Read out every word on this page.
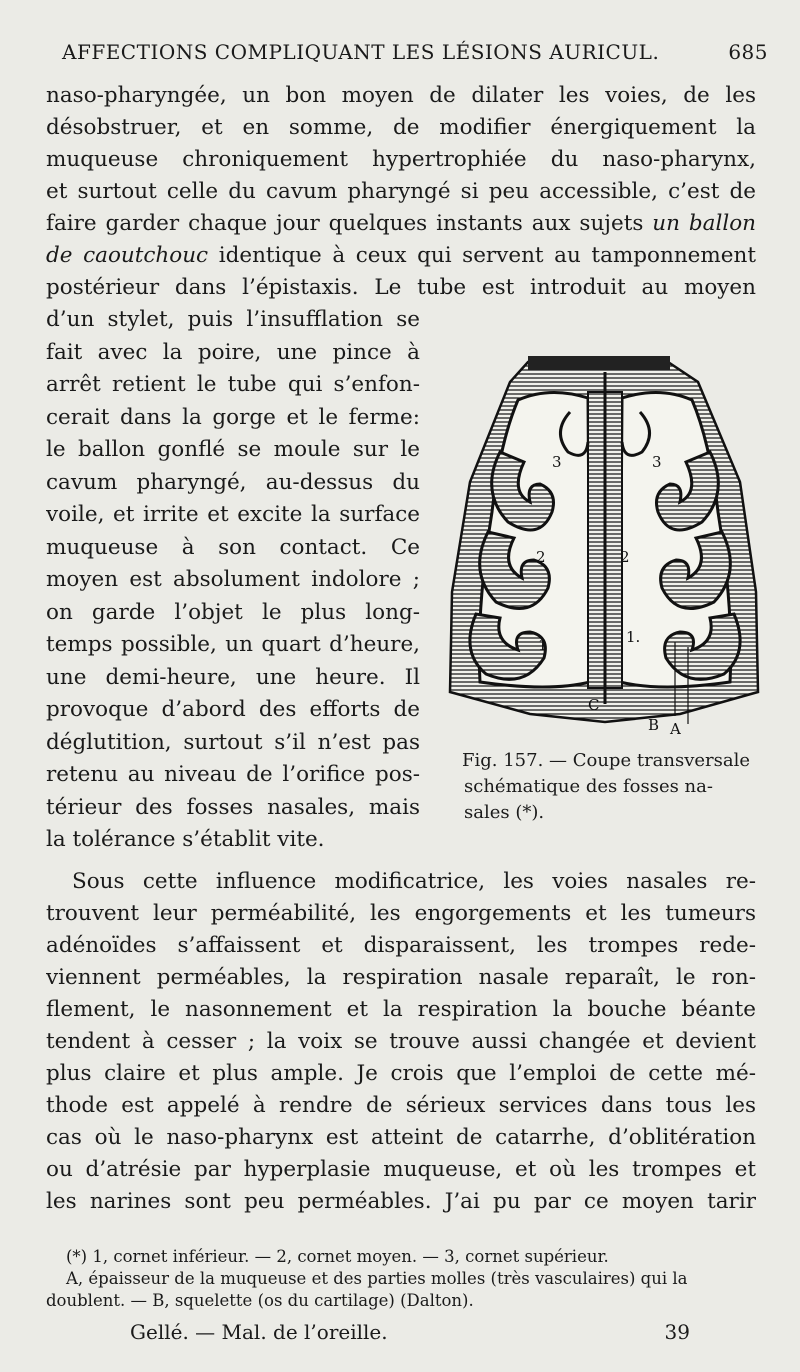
AFFECTIONS COMPLIQUANT LES LÉSIONS AURICUL.	685
naso-pharyngée, un bon moyen de dilater les voies, de les
désobstruer, et en somme, de modifier énergiquement la
muqueuse chroniquement hypertrophiée du naso-pharynx,
et surtout celle du cavum pharyngé si peu accessible, c’est de
faire garder chaque jour quelques instants aux sujets un ballon
de caoutchouc identique à ceux qui servent au tamponnement
postérieur dans l’épistaxis. Le tube est introduit au moyen
d’un stylet, puis l’insufflation se
fait avec la poire, une pince à
arrêt retient le tube qui s’enfon-
cerait dans la gorge et le ferme:
le ballon gonflé se moule sur le
cavum pharyngé, au-dessus du
voile, et irrite et excite la surface
muqueuse à son contact. Ce
moyen est absolument indolore ;
on garde l’objet le plus long-
temps possible, un quart d’heure,
une demi-heure, une heure. Il
provoque d’abord des efforts de
déglutition, surtout s’il n’est pas
retenu au niveau de l’orifice pos-
térieur des fosses nasales, mais
la tolérance s’établit vite.
3	3
2	2
1	1.
C
B A
Fig. 157. — Coupe transversale
schématique des fosses na-
sales (*).
Sous cette influence modificatrice, les voies nasales re-
trouvent leur perméabilité, les engorgements et les tumeurs
adénoïdes s’affaissent et disparaissent, les trompes rede-
viennent perméables, la respiration nasale reparaît, le ron-
flement, le nasonnement et la respiration la bouche béante
tendent à cesser ; la voix se trouve aussi changée et devient
plus claire et plus ample. Je crois que l’emploi de cette mé-
thode est appelé à rendre de sérieux services dans tous les
cas où le naso-pharynx est atteint de catarrhe, d’oblitération
ou d’atrésie par hyperplasie muqueuse, et où les trompes et
les narines sont peu perméables. J’ai pu par ce moyen tarir
(*) 1, cornet inférieur. — 2, cornet moyen. — 3, cornet supérieur.
A, épaisseur de la muqueuse et des parties molles (très vasculaires) qui la
doublent. — B, squelette (os du cartilage) (Dalton).
Gellé. — Mal. de l’oreille.	39
